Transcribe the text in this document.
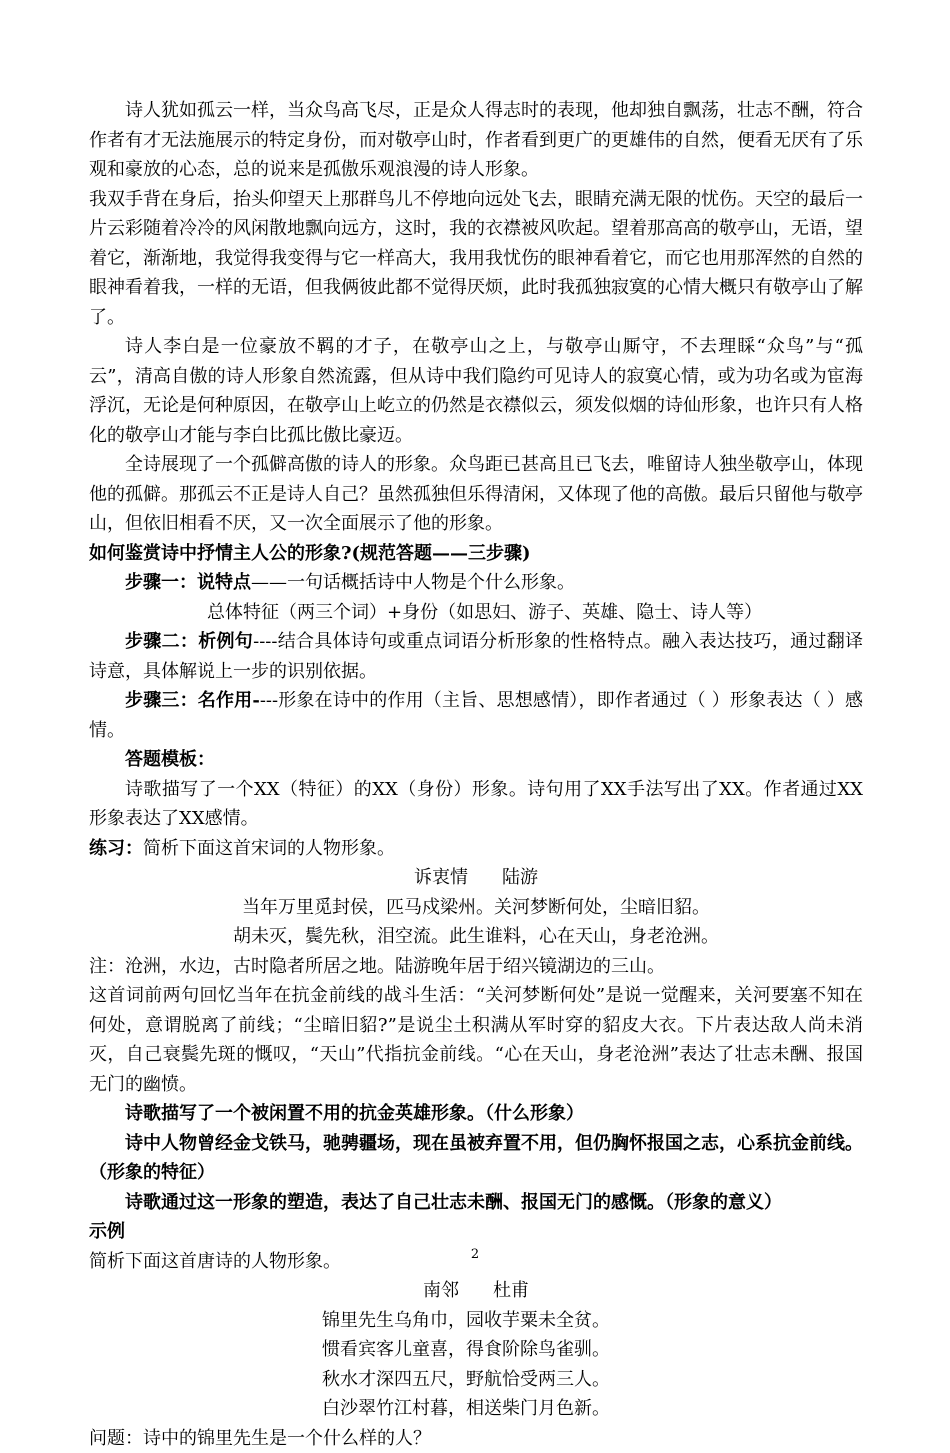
诗人犹如孤云一样，当众鸟高飞尽，正是众人得志时的表现，他却独自飘荡，壮志不酬，符合作者有才无法施展示的特定身份，而对敬亭山时，作者看到更广的更雄伟的自然，便看无厌有了乐观和豪放的心态，总的说来是孤傲乐观浪漫的诗人形象。

我双手背在身后，抬头仰望天上那群鸟儿不停地向远处飞去，眼睛充满无限的忧伤。天空的最后一片云彩随着冷冷的风闲散地飘向远方，这时，我的衣襟被风吹起。望着那高高的敬亭山，无语，望着它，渐渐地，我觉得我变得与它一样高大，我用我忧伤的眼神看着它，而它也用那浑然的自然的眼神看着我，一样的无语，但我俩彼此都不觉得厌烦，此时我孤独寂寞的心情大概只有敬亭山了解了。

诗人李白是一位豪放不羁的才子，在敬亭山之上，与敬亭山厮守，不去理睬“众鸟”与“孤云”，清高自傲的诗人形象自然流露，但从诗中我们隐约可见诗人的寂寞心情，或为功名或为宦海浮沉，无论是何种原因，在敬亭山上屹立的仍然是衣襟似云，须发似烟的诗仙形象，也许只有人格化的敬亭山才能与李白比孤比傲比豪迈。

全诗展现了一个孤僻高傲的诗人的形象。众鸟距已甚高且已飞去，唯留诗人独坐敬亭山，体现他的孤僻。那孤云不正是诗人自己？虽然孤独但乐得清闲，又体现了他的高傲。最后只留他与敬亭山，但依旧相看不厌，又一次全面展示了他的形象。

如何鉴赏诗中抒情主人公的形象?(规范答题——三步骤)

步骤一：说特点——一句话概括诗中人物是个什么形象。

总体特征（两三个词）+身份（如思妇、游子、英雄、隐士、诗人等）

步骤二：析例句----结合具体诗句或重点词语分析形象的性格特点。融入表达技巧，通过翻译诗意，具体解说上一步的识别依据。

步骤三：名作用----形象在诗中的作用（主旨、思想感情），即作者通过（ ）形象表达（ ）感情。

答题模板：

诗歌描写了一个XX（特征）的XX（身份）形象。诗句用了XX手法写出了XX。作者通过XX形象表达了XX感情。

练习：简析下面这首宋词的人物形象。

诉衷情 陆游

当年万里觅封侯，匹马戍梁州。关河梦断何处，尘暗旧貂。

胡未灭，鬓先秋，泪空流。此生谁料，心在天山，身老沧洲。

注：沧洲，水边，古时隐者所居之地。陆游晚年居于绍兴镜湖边的三山。

这首词前两句回忆当年在抗金前线的战斗生活：“关河梦断何处”是说一觉醒来，关河要塞不知在何处，意谓脱离了前线；“尘暗旧貂?”是说尘土积满从军时穿的貂皮大衣。下片表达敌人尚未消灭，自己衰鬓先斑的慨叹，“天山”代指抗金前线。“心在天山，身老沧洲”表达了壮志未酬、报国无门的幽愤。

诗歌描写了一个被闲置不用的抗金英雄形象。（什么形象）

诗中人物曾经金戈铁马，驰骋疆场，现在虽被弃置不用，但仍胸怀报国之志，心系抗金前线。（形象的特征）

诗歌通过这一形象的塑造，表达了自己壮志未酬、报国无门的感慨。（形象的意义）

示例

简析下面这首唐诗的人物形象。

南邻 杜甫

锦里先生乌角巾，园收芋粟未全贫。

惯看宾客儿童喜，得食阶除鸟雀驯。

秋水才深四五尺，野航恰受两三人。

白沙翠竹江村暮，相送柴门月色新。

问题：诗中的锦里先生是一个什么样的人？

2
